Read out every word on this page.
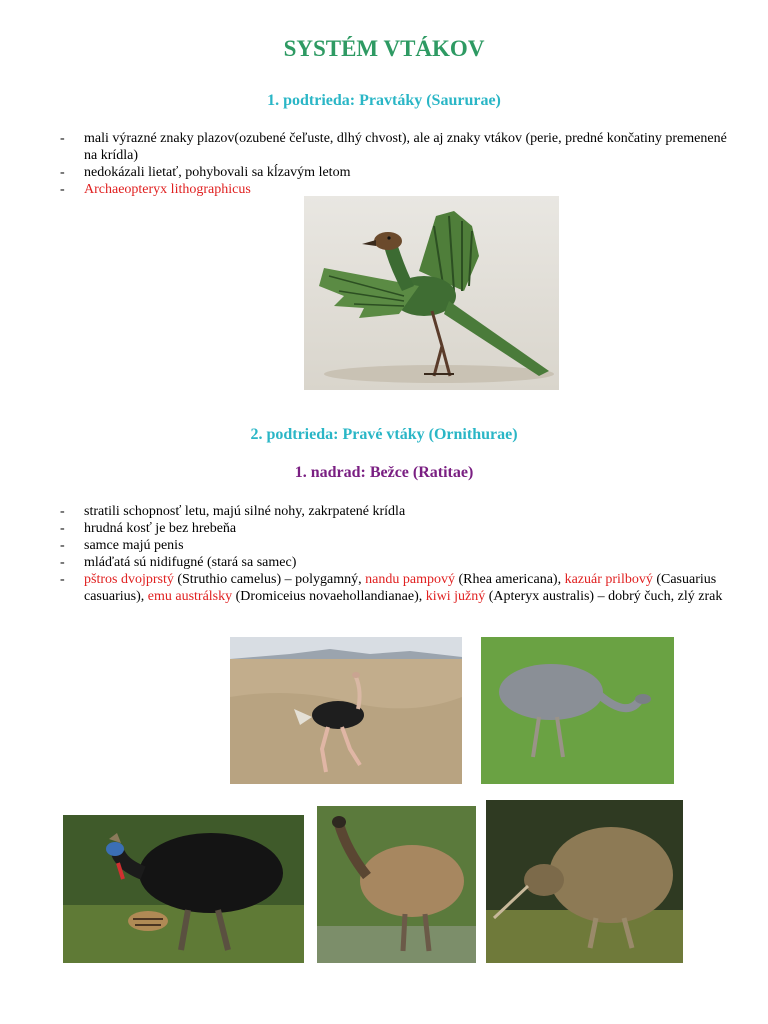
SYSTÉM VTÁKOV
1. podtrieda: Pravtáky (Saururae)
- mali výrazné znaky plazov(ozubené čeľuste, dlhý chvost), ale aj znaky vtákov (perie, predné končatiny premenené na krídla)
- nedokázali lietať, pohybovali sa kĺzavým letom
- Archaeopteryx lithographicus
2. podtrieda: Pravé vtáky (Ornithurae)
1. nadrad: Bežce (Ratitae)
- stratili schopnosť letu, majú silné nohy, zakrpatené krídla
- hrudná kosť je bez hrebeňa
- samce majú penis
- mláďatá sú nidifugné (stará sa samec)
- pštros dvojprstý (Struthio camelus) – polygamný, nandu pampový (Rhea americana), kazuár prilbový (Casuarius casuarius), emu austrálsky (Dromiceius novaehollandianae), kiwi južný (Apteryx australis) – dobrý čuch, zlý zrak
